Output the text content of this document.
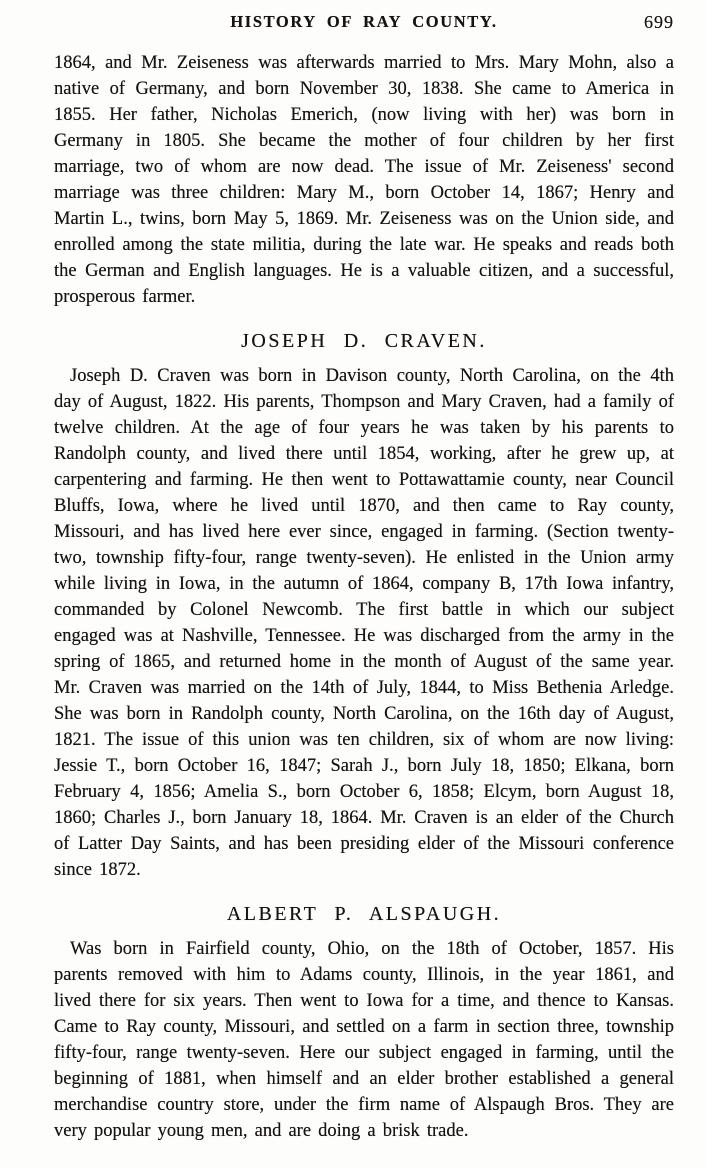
HISTORY OF RAY COUNTY.	699

1864, and Mr. Zeiseness was afterwards married to Mrs. Mary Mohn, also a native of Germany, and born November 30, 1838. She came to America in 1855. Her father, Nicholas Emerich, (now living with her) was born in Germany in 1805. She became the mother of four children by her first marriage, two of whom are now dead. The issue of Mr. Zeiseness' second marriage was three children: Mary M., born October 14, 1867; Henry and Martin L., twins, born May 5, 1869. Mr. Zeiseness was on the Union side, and enrolled among the state militia, during the late war. He speaks and reads both the German and English languages. He is a valuable citizen, and a successful, prosperous farmer.

JOSEPH D. CRAVEN.

Joseph D. Craven was born in Davison county, North Carolina, on the 4th day of August, 1822. His parents, Thompson and Mary Craven, had a family of twelve children. At the age of four years he was taken by his parents to Randolph county, and lived there until 1854, working, after he grew up, at carpentering and farming. He then went to Pottawattamie county, near Council Bluffs, Iowa, where he lived until 1870, and then came to Ray county, Missouri, and has lived here ever since, engaged in farming. (Section twenty-two, township fifty-four, range twenty-seven). He enlisted in the Union army while living in Iowa, in the autumn of 1864, company B, 17th Iowa infantry, commanded by Colonel Newcomb. The first battle in which our subject engaged was at Nashville, Tennessee. He was discharged from the army in the spring of 1865, and returned home in the month of August of the same year. Mr. Craven was married on the 14th of July, 1844, to Miss Bethenia Arledge. She was born in Randolph county, North Carolina, on the 16th day of August, 1821. The issue of this union was ten children, six of whom are now living: Jessie T., born October 16, 1847; Sarah J., born July 18, 1850; Elkana, born February 4, 1856; Amelia S., born October 6, 1858; Elcym, born August 18, 1860; Charles J., born January 18, 1864. Mr. Craven is an elder of the Church of Latter Day Saints, and has been presiding elder of the Missouri conference since 1872.

ALBERT P. ALSPAUGH.

Was born in Fairfield county, Ohio, on the 18th of October, 1857. His parents removed with him to Adams county, Illinois, in the year 1861, and lived there for six years. Then went to Iowa for a time, and thence to Kansas. Came to Ray county, Missouri, and settled on a farm in section three, township fifty-four, range twenty-seven. Here our subject engaged in farming, until the beginning of 1881, when himself and an elder brother established a general merchandise country store, under the firm name of Alspaugh Bros. They are very popular young men, and are doing a brisk trade.
